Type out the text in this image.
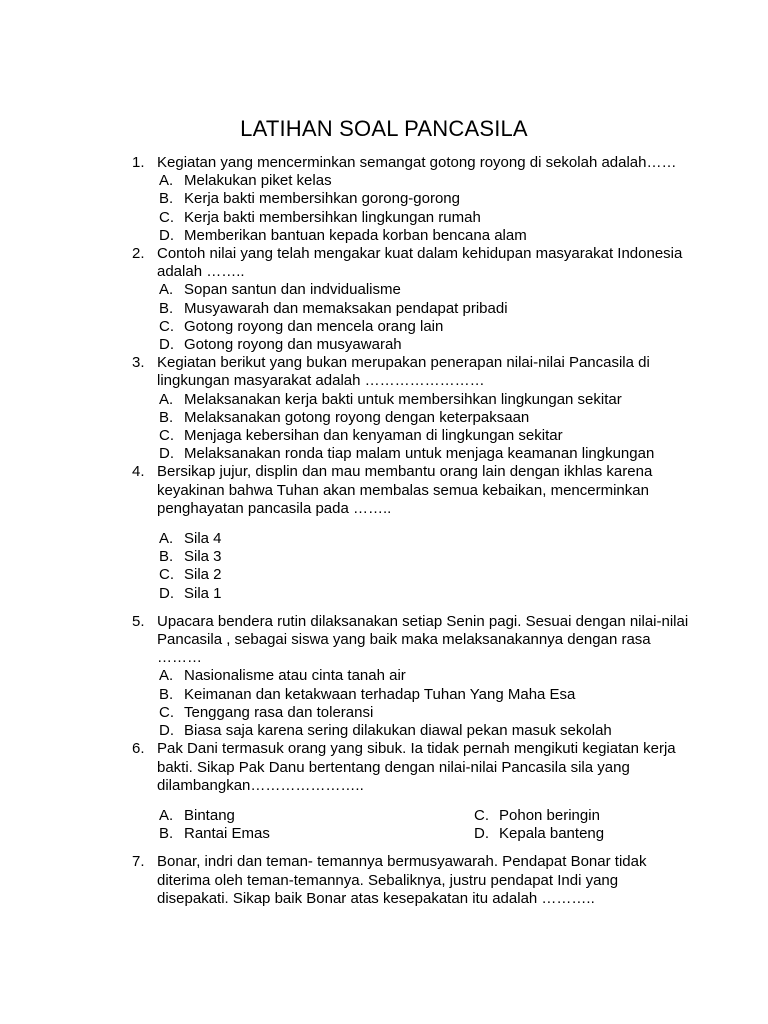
LATIHAN SOAL PANCASILA
1. Kegiatan yang mencerminkan semangat gotong royong di sekolah adalah……
A. Melakukan piket kelas
B. Kerja bakti membersihkan gorong-gorong
C. Kerja bakti membersihkan lingkungan rumah
D. Memberikan bantuan kepada korban bencana alam
2. Contoh nilai yang telah mengakar kuat dalam kehidupan masyarakat Indonesia adalah ……..
A. Sopan santun dan indvidualisme
B. Musyawarah dan memaksakan pendapat pribadi
C. Gotong royong dan mencela orang lain
D. Gotong royong dan musyawarah
3. Kegiatan berikut yang bukan merupakan penerapan nilai-nilai Pancasila di lingkungan masyarakat adalah ……………………
A. Melaksanakan kerja bakti untuk membersihkan lingkungan sekitar
B. Melaksanakan gotong royong dengan keterpaksaan
C. Menjaga kebersihan dan kenyaman di lingkungan sekitar
D. Melaksanakan ronda tiap malam untuk menjaga keamanan lingkungan
4. Bersikap jujur, displin dan mau membantu orang lain dengan ikhlas karena keyakinan bahwa Tuhan akan membalas semua kebaikan, mencerminkan penghayatan pancasila pada ……..
A. Sila 4
B. Sila 3
C. Sila 2
D. Sila 1
5. Upacara bendera rutin dilaksanakan setiap Senin pagi. Sesuai dengan nilai-nilai Pancasila , sebagai siswa yang baik maka melaksanakannya dengan rasa ………
A. Nasionalisme atau cinta tanah air
B. Keimanan dan ketakwaan terhadap Tuhan Yang Maha Esa
C. Tenggang rasa dan toleransi
D. Biasa saja karena sering dilakukan diawal pekan masuk sekolah
6. Pak Dani termasuk orang yang sibuk. Ia tidak pernah mengikuti kegiatan kerja bakti. Sikap Pak Danu bertentang dengan nilai-nilai Pancasila sila yang dilambangkan…………………..
A. Bintang	C. Pohon beringin
B. Rantai Emas	D. Kepala banteng
7. Bonar, indri dan teman- temannya bermusyawarah. Pendapat Bonar tidak diterima oleh teman-temannya. Sebaliknya, justru pendapat Indi yang disepakati. Sikap baik Bonar atas kesepakatan itu adalah ………..
